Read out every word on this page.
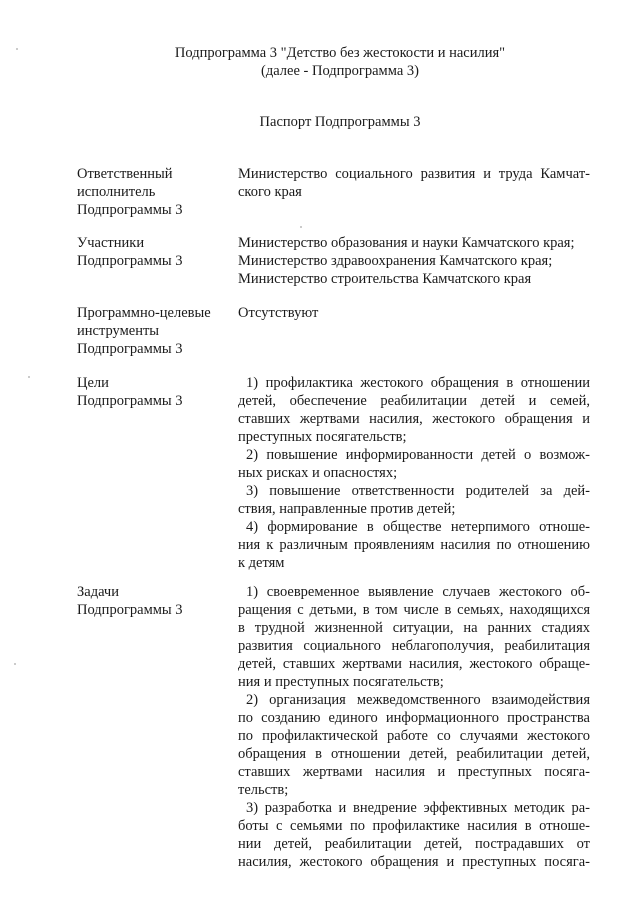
Подпрограмма 3 "Детство без жестокости и насилия"
(далее - Подпрограмма 3)
Паспорт Подпрограммы 3
Ответственный
исполнитель
Подпрограммы 3
Министерство социального развития и труда Камчат-
ского края
Участники
Подпрограммы 3
Министерство образования и науки Камчатского края;
Министерство здравоохранения Камчатского края;
Министерство строительства Камчатского края
Программно-целевые
инструменты
Подпрограммы 3
Отсутствуют
Цели
Подпрограммы 3
1) профилактика жестокого обращения в отношении
детей, обеспечение реабилитации детей и семей,
ставших жертвами насилия, жестокого обращения и
преступных посягательств;
2) повышение информированности детей о возмож-
ных рисках и опасностях;
3) повышение ответственности родителей за дей-
ствия, направленные против детей;
4) формирование в обществе нетерпимого отноше-
ния к различным проявлениям насилия по отношению
к детям
Задачи
Подпрограммы 3
1) своевременное выявление случаев жестокого об-
ращения с детьми, в том числе в семьях, находящихся
в трудной жизненной ситуации, на ранних стадиях
развития социального неблагополучия, реабилитация
детей, ставших жертвами насилия, жестокого обраще-
ния и преступных посягательств;
2) организация межведомственного взаимодействия
по созданию единого информационного пространства
по профилактической работе со случаями жестокого
обращения в отношении детей, реабилитации детей,
ставших жертвами насилия и преступных посяга-
тельств;
3) разработка и внедрение эффективных методик ра-
боты с семьями по профилактике насилия в отноше-
нии детей, реабилитации детей, пострадавших от
насилия, жестокого обращения и преступных посяга-
